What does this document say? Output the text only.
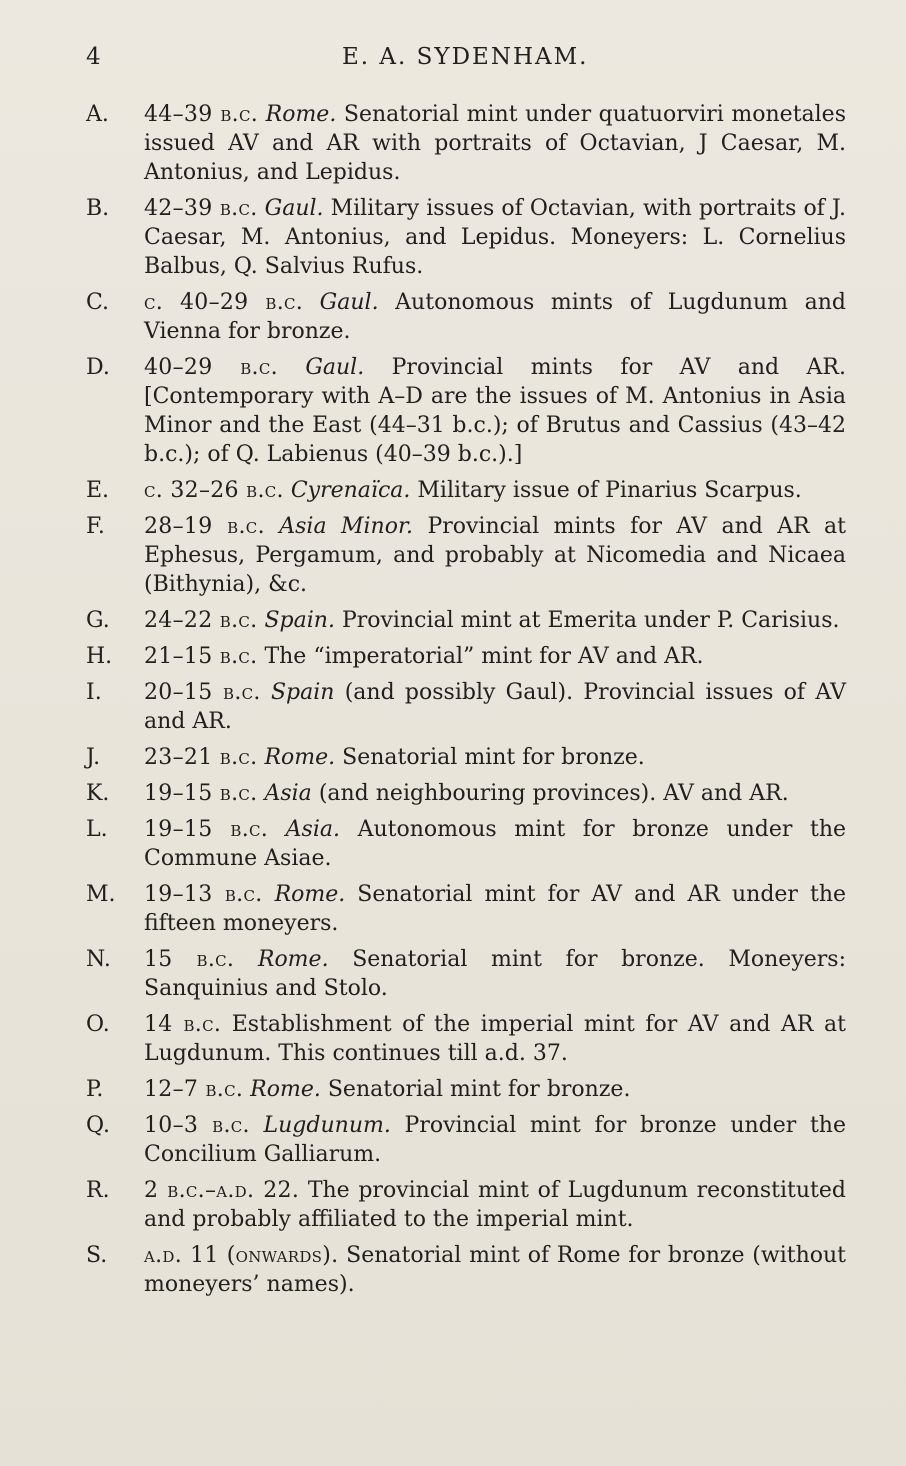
4	E. A. SYDENHAM.
A.	44–39 b.c. Rome. Senatorial mint under quatuorviri monetales issued AV and AR with portraits of Octavian, J Caesar, M. Antonius, and Lepidus.
B.	42–39 b.c. Gaul. Military issues of Octavian, with portraits of J. Caesar, M. Antonius, and Lepidus. Moneyers: L. Cornelius Balbus, Q. Salvius Rufus.
C.	c. 40–29 b.c. Gaul. Autonomous mints of Lugdunum and Vienna for bronze.
D.	40–29 b.c. Gaul. Provincial mints for AV and AR. [Contemporary with A–D are the issues of M. Antonius in Asia Minor and the East (44–31 b.c.); of Brutus and Cassius (43–42 b.c.); of Q. Labienus (40–39 b.c.).]
E.	c. 32–26 b.c. Cyrenaïca. Military issue of Pinarius Scarpus.
F.	28–19 b.c. Asia Minor. Provincial mints for AV and AR at Ephesus, Pergamum, and probably at Nicomedia and Nicaea (Bithynia), &c.
G.	24–22 b.c. Spain. Provincial mint at Emerita under P. Carisius.
H.	21–15 b.c. The “imperatorial” mint for AV and AR.
I.	20–15 b.c. Spain (and possibly Gaul). Provincial issues of AV and AR.
J.	23–21 b.c. Rome. Senatorial mint for bronze.
K.	19–15 b.c. Asia (and neighbouring provinces). AV and AR.
L.	19–15 b.c. Asia. Autonomous mint for bronze under the Commune Asiae.
M.	19–13 b.c. Rome. Senatorial mint for AV and AR under the fifteen moneyers.
N.	15 b.c. Rome. Senatorial mint for bronze. Moneyers: Sanquinius and Stolo.
O.	14 b.c. Establishment of the imperial mint for AV and AR at Lugdunum. This continues till a.d. 37.
P.	12–7 b.c. Rome. Senatorial mint for bronze.
Q.	10–3 b.c. Lugdunum. Provincial mint for bronze under the Concilium Galliarum.
R.	2 b.c.–a.d. 22. The provincial mint of Lugdunum reconstituted and probably affiliated to the imperial mint.
S.	a.d. 11 (onwards). Senatorial mint of Rome for bronze (without moneyers’ names).
